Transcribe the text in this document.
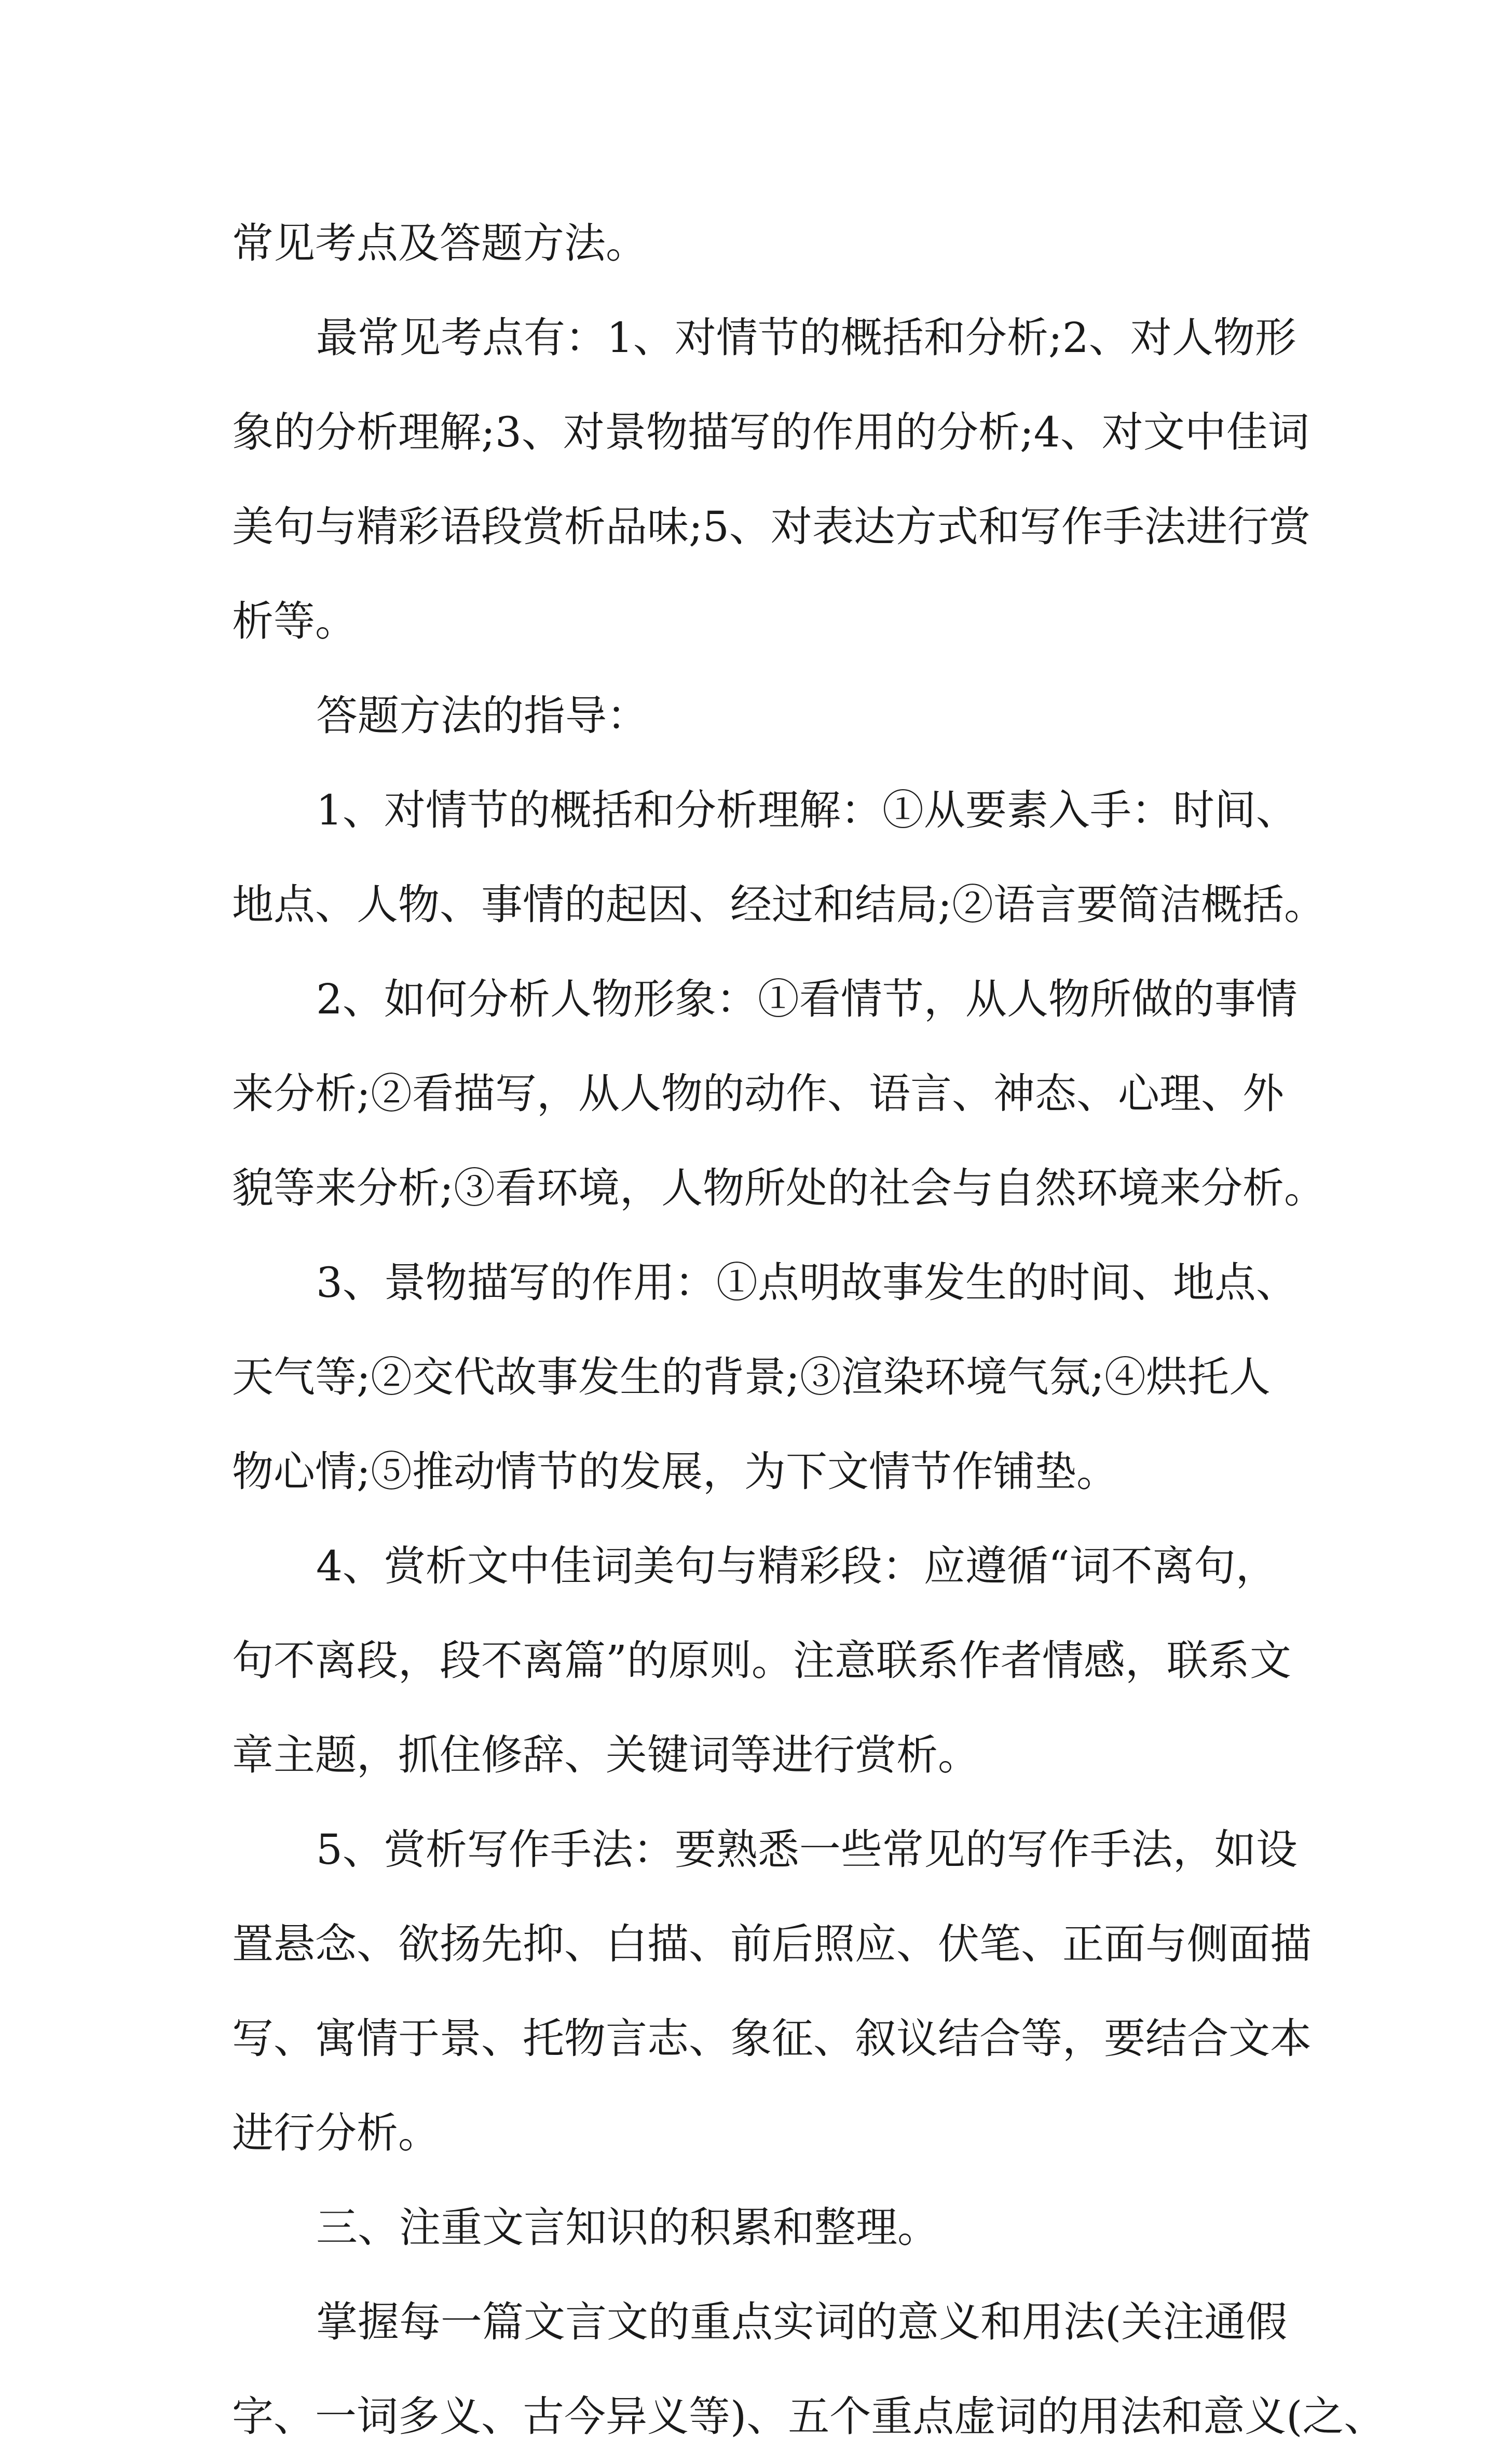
常见考点及答题方法。

最常见考点有：1、对情节的概括和分析;2、对人物形

象的分析理解;3、对景物描写的作用的分析;4、对文中佳词

美句与精彩语段赏析品味;5、对表达方式和写作手法进行赏

析等。

答题方法的指导：

1、对情节的概括和分析理解：①从要素入手：时间、

地点、人物、事情的起因、经过和结局;②语言要简洁概括。

2、如何分析人物形象：①看情节，从人物所做的事情

来分析;②看描写，从人物的动作、语言、神态、心理、外

貌等来分析;③看环境，人物所处的社会与自然环境来分析。

3、景物描写的作用：①点明故事发生的时间、地点、

天气等;②交代故事发生的背景;③渲染环境气氛;④烘托人

物心情;⑤推动情节的发展，为下文情节作铺垫。

4、赏析文中佳词美句与精彩段：应遵循“词不离句，

句不离段，段不离篇”的原则。注意联系作者情感，联系文

章主题，抓住修辞、关键词等进行赏析。

5、赏析写作手法：要熟悉一些常见的写作手法，如设

置悬念、欲扬先抑、白描、前后照应、伏笔、正面与侧面描

写、寓情于景、托物言志、象征、叙议结合等，要结合文本

进行分析。

三、注重文言知识的积累和整理。

掌握每一篇文言文的重点实词的意义和用法(关注通假

字、一词多义、古今异义等)、五个重点虚词的用法和意义(之、
